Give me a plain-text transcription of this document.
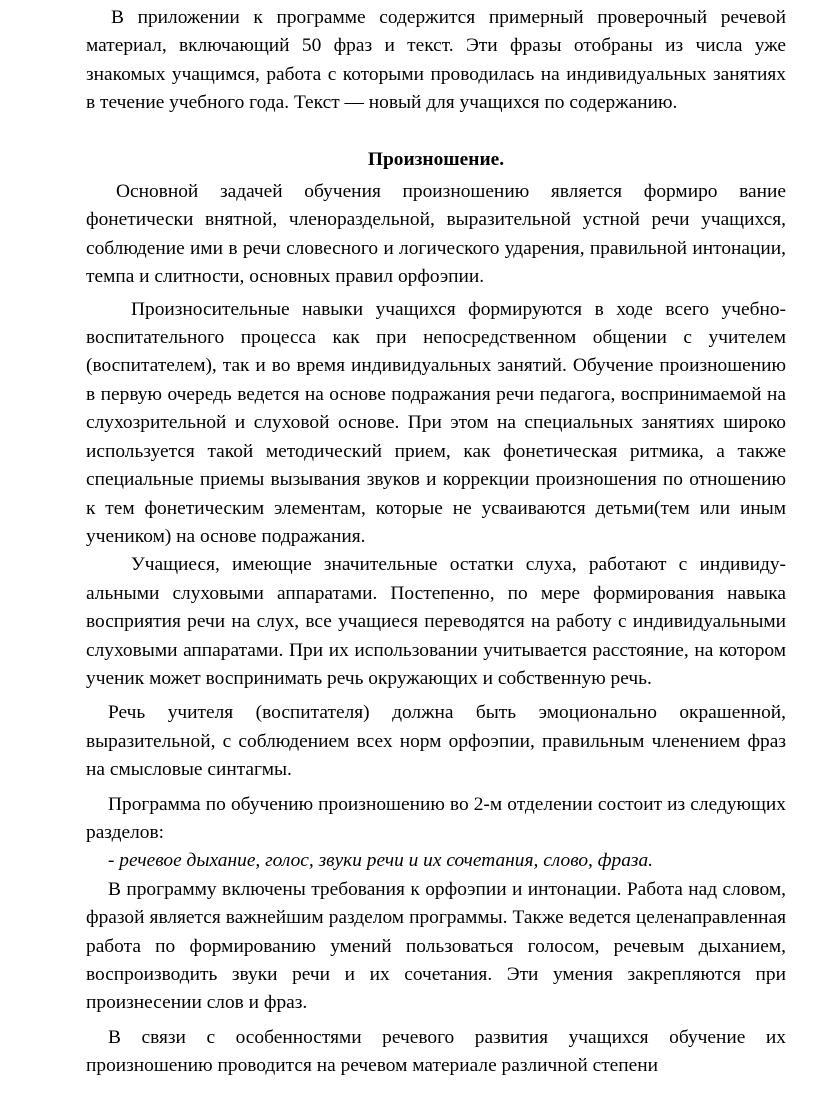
В приложении к программе содержится примерный проверочный речевой материал, включающий 50 фраз и текст. Эти фразы отобраны из числа уже знакомых учащимся, работа с которыми проводилась на индивидуальных занятиях в течение учебного года. Текст — новый для учащихся по содержанию.

Произношение.

Основной задачей обучения произношению является формиро вание фонетически внятной, членораздельной, выразительной устной речи учащихся, соблюдение ими в речи словесного и логического ударения, правильной интонации, темпа и слитности, основных правил орфоэпии.

Произносительные навыки учащихся формируются в ходе всего учебно-воспитательного процесса как при непосредственном общении с учителем (воспитателем), так и во время индивидуальных занятий. Обучение произношению в первую очередь ведется на основе подражания речи педагога, воспринимаемой на слухозрительной и слуховой основе. При этом на специальных занятиях широко используется такой методический прием, как фонетическая ритмика, а также специальные приемы вызывания звуков и коррекции произношения по отношению к тем фонетическим элементам, которые не усваиваются детьми(тем или иным учеником) на основе подражания.

Учащиеся, имеющие значительные остатки слуха, работают с индивидуальными слуховыми аппаратами. Постепенно, по мере формирования навыка восприятия речи на слух, все учащиеся переводятся на работу с индивидуальными слуховыми аппаратами. При их использовании учитывается расстояние, на котором ученик может воспринимать речь окружающих и собственную речь.

Речь учителя (воспитателя) должна быть эмоционально окрашенной, выразительной, с соблюдением всех норм орфоэпии, правильным членением фраз на смысловые синтагмы.

Программа по обучению произношению во 2-м отделении состоит из следующих разделов:

- речевое дыхание, голос, звуки речи и их сочетания, слово, фраза.

В программу включены требования к орфоэпии и интонации. Работа над словом, фразой является важнейшим разделом программы. Также ведется целенаправленная работа по формированию умений пользоваться голосом, речевым дыханием, воспроизводить звуки речи и их сочетания. Эти умения закрепляются при произнесении слов и фраз.

В связи с особенностями речевого развития учащихся обучение их произношению проводится на речевом материале различной степени
